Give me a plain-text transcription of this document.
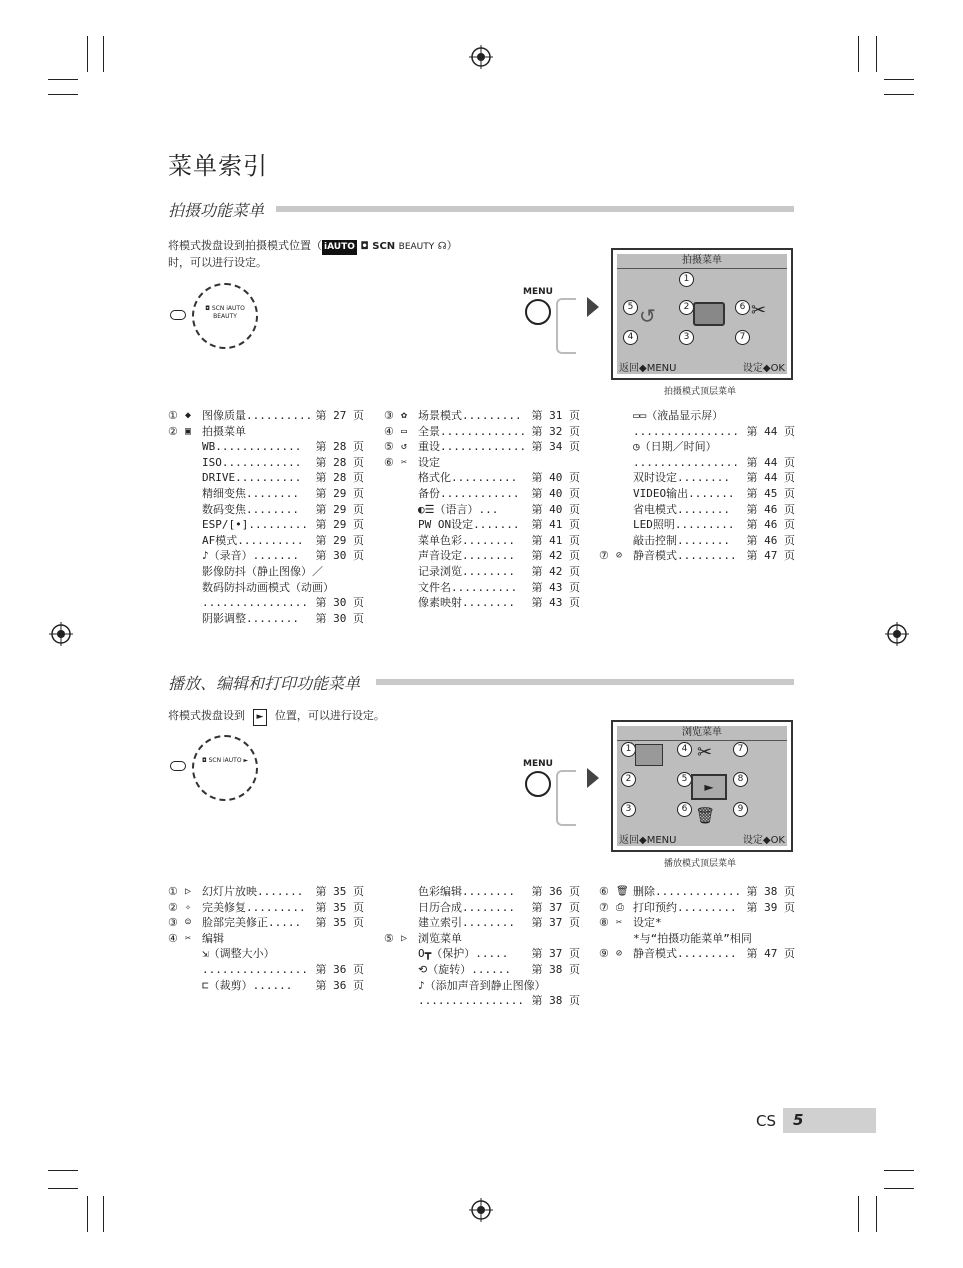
菜单索引
拍摄功能菜单
将模式拨盘设到拍摄模式位置（ iAUTO ◘ SCN BEAUTY ☊）
时，可以进行设定。
◘ SCN iAUTO BEAUTY
MENU
拍摄菜单
1
2
3
4
5	6
7
↺	✂
返回◆MENU	设定◆OK
拍摄模式顶层菜单
① ◆ 图像质量 .......... 第 27 页
② ▣ 拍摄菜单
WB .............	第 28 页
ISO ............	第 28 页
DRIVE ..........	第 28 页
精细变焦 ........	第 29 页
数码变焦 ........	第 29 页
ESP/[•] ......... 第 29 页
AF模式 ..........	第 29 页
♪（录音） .......	第 30 页
影像防抖（静止图像）／
数码防抖动画模式（动画）
................ 第 30 页
阴影调整 ........	第 30 页
③ ✿ 场景模式 ......... 第 31 页
④ ▭ 全景 ............. 第 32 页
⑤ ↺ 重设 ............. 第 34 页
⑥ ✂ 设定
格式化 ..........	第 40 页
备份 ............	第 40 页
◐☰（语言） ...	第 40 页
PW ON设定 .......	第 41 页
菜单色彩 ........	第 41 页
声音设定 ........	第 42 页
记录浏览 ........	第 42 页
文件名 ..........	第 43 页
像素映射 ........	第 43 页
▭▭（液晶显示屏）
................ 第 44 页
◷（日期／时间）
................ 第 44 页
双时设定 ........	第 44 页
VIDEO输出 .......	第 45 页
省电模式 ........	第 46 页
LED照明 .........	第 46 页
敲击控制 ........	第 46 页
⑦ ⊘ 静音模式 ......... 第 47 页
播放、编辑和打印功能菜单
将模式拨盘设到 ► 位置，可以进行设定。
◘ SCN iAUTO ►	MENU
浏览菜单
1
2
3
4
5
6
7
8
9
✂
►
🗑
返回◆MENU	设定◆OK
播放模式顶层菜单
① ▷ 幻灯片放映 .......	第 35 页
② ✧ 完美修复 ......... 第 35 页
③ ☺ 脸部完美修正 .....	第 35 页
④ ✂ 编辑
⇲（调整大小）
................ 第 36 页
⊏（裁剪） ......	第 36 页
色彩编辑 ........	第 36 页
日历合成 ........	第 37 页
建立索引 ........	第 37 页
⑤ ▷ 浏览菜单
O┳（保护） .....	第 37 页
⟲（旋转） ......	第 38 页
♪（添加声音到静止图像）
................ 第 38 页
⑥ 🗑 删除 ............. 第 38 页
⑦ ⎙ 打印预约 ......... 第 39 页
⑧ ✂ 设定*
*与“拍摄功能菜单”相同
⑨ ⊘ 静音模式 ......... 第 47 页
CS	5
